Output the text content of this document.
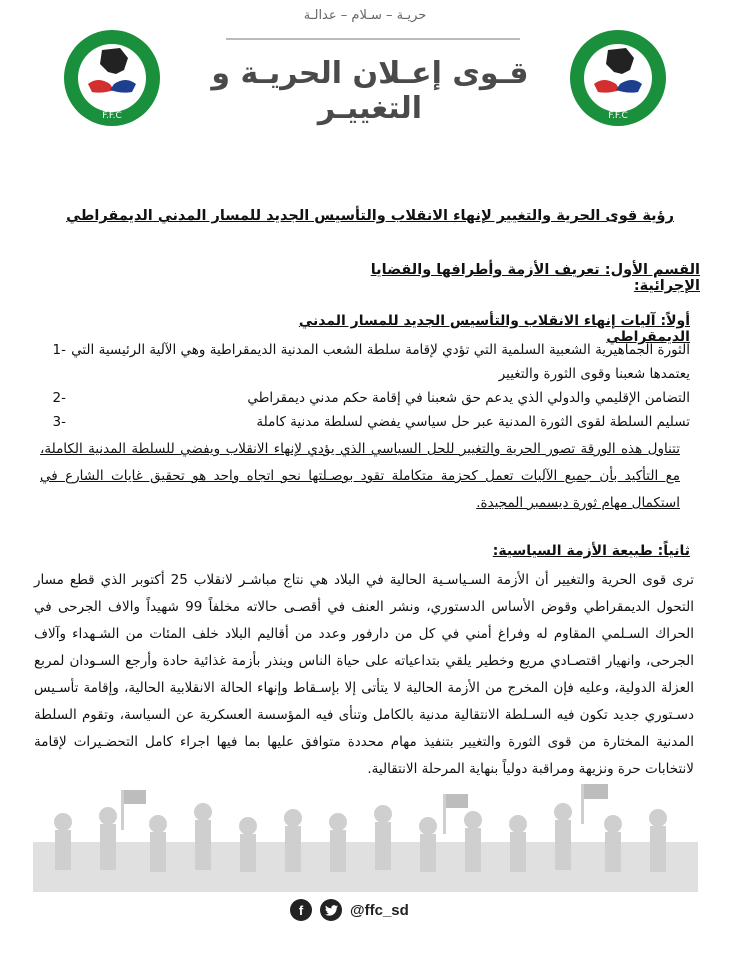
حريـة – سـلام – عدالـة
قـوى إعـلان الحريـة و التغييـر
F.F.C	F.F.C
رؤية قوى الحرية والتغيير لإنهاء الانقلاب والتأسيس الجديد للمسار المدني الديمقراطي
القسم الأول: تعريف الأزمة وأطرافها والقضايا الإجرائية:
أولاً: آليات إنهاء الانقلاب والتأسيس الجديد للمسار المدني الديمقراطي
-1 الثورة الجماهيرية الشعبية السلمية التي تؤدي لإقامة سلطة الشعب المدنية الديمقراطية وهي الآلية الرئيسية التي يعتمدها شعبنا وقوى الثورة والتغيير
-2	التضامن الإقليمي والدولي الذي يدعم حق شعبنا في إقامة حكم مدني ديمقراطي
-3	تسليم السلطة لقوى الثورة المدنية عبر حل سياسي يفضي لسلطة مدنية كاملة
تتناول هذه الورقة تصور الحرية والتغيير للحل السياسي الذي يؤدي لإنهاء الانقلاب ويفضي للسلطة المدنية الكاملة، مع التأكيد بأن جميع الآليات تعمل كحزمة متكاملة تقود بوصـلتها نحو اتجاه واحد هو تحقيق غايات الشارع في استكمال مهام ثورة ديسمبر المجيدة.
ثانياً: طبيعة الأزمة السياسية:
ترى قوى الحرية والتغيير أن الأزمة السـياسـية الحالية في البلاد هي نتاج مباشـر لانقلاب 25 أكتوبر الذي قطع مسار التحول الديمقراطي وقوض الأساس الدستوري، ونشر العنف في أقصـى حالاته مخلفاً 99 شهيداً والاف الجرحى في الحراك السـلمي المقاوم له وفراغ أمني في كل من دارفور وعدد من أقاليم البلاد خلف المئات من الشـهداء وآلاف الجرحى، وانهيار اقتصـادي مريع وخطير يلقي بتداعياته على حياة الناس وينذر بأزمة غذائية حادة وأرجع السـودان لمربع العزلة الدولية، وعليه فإن المخرج من الأزمة الحالية لا يتأتى إلا بإسـقاط وإنهاء الحالة الانقلابية الحالية، وإقامة تأسـيس دسـتوري جديد تكون فيه السـلطة الانتقالية مدنية بالكامل وتنأى فيه المؤسسة العسكرية عن السياسة، وتقوم السلطة المدنية المختارة من قوى الثورة والتغيير بتنفيذ مهام محددة متوافق عليها بما فيها اجراء كامل التحضـيرات لإقامة لانتخابات حرة ونزيهة ومراقبة دولياً بنهاية المرحلة الانتقالية.
f	@ffc_sd
